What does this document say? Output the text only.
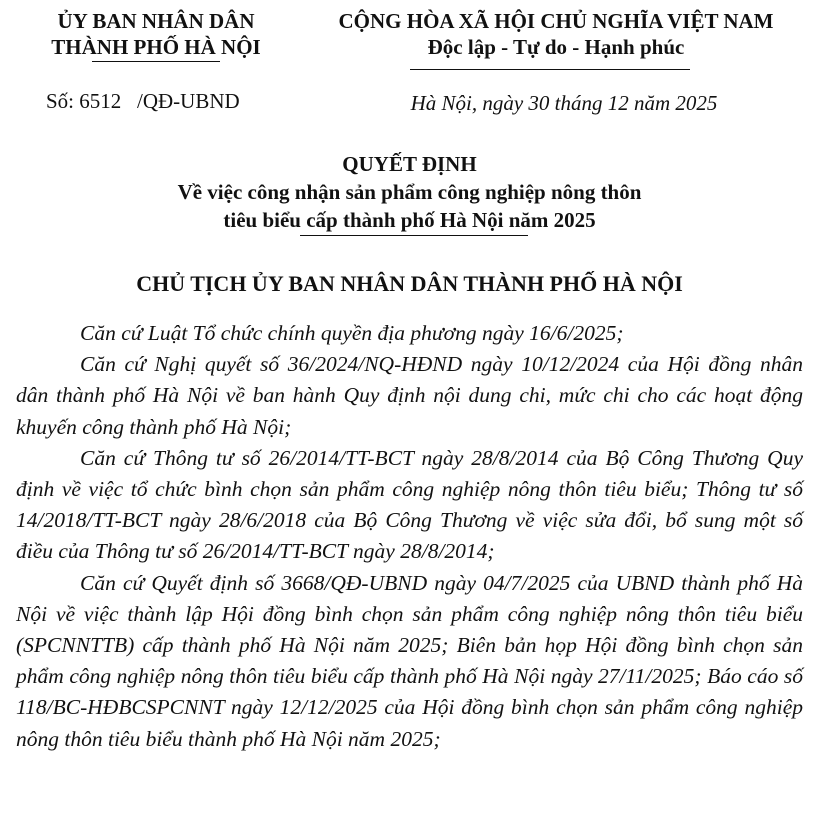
ỦY BAN NHÂN DÂN
THÀNH PHỐ HÀ NỘI
CỘNG HÒA XÃ HỘI CHỦ NGHĨA VIỆT NAM
Độc lập - Tự do - Hạnh phúc
Số: 6512   /QĐ-UBND	Hà Nội, ngày 30 tháng 12 năm 2025
QUYẾT ĐỊNH
Về việc công nhận sản phẩm công nghiệp nông thôn
tiêu biểu cấp thành phố Hà Nội năm 2025
CHỦ TỊCH ỦY BAN NHÂN DÂN THÀNH PHỐ HÀ NỘI

Căn cứ Luật Tổ chức chính quyền địa phương ngày 16/6/2025;

Căn cứ Nghị quyết số 36/2024/NQ-HĐND ngày 10/12/2024 của Hội đồng nhân dân thành phố Hà Nội về ban hành Quy định nội dung chi, mức chi cho các hoạt động khuyến công thành phố Hà Nội;

Căn cứ Thông tư số 26/2014/TT-BCT ngày 28/8/2014 của Bộ Công Thương Quy định về việc tổ chức bình chọn sản phẩm công nghiệp nông thôn tiêu biểu; Thông tư số 14/2018/TT-BCT ngày 28/6/2018 của Bộ Công Thương về việc sửa đổi, bổ sung một số điều của Thông tư số 26/2014/TT-BCT ngày 28/8/2014;

Căn cứ Quyết định số 3668/QĐ-UBND ngày 04/7/2025 của UBND thành phố Hà Nội về việc thành lập Hội đồng bình chọn sản phẩm công nghiệp nông thôn tiêu biểu (SPCNNTTB) cấp thành phố Hà Nội năm 2025; Biên bản họp Hội đồng bình chọn sản phẩm công nghiệp nông thôn tiêu biểu cấp thành phố Hà Nội ngày 27/11/2025; Báo cáo số 118/BC-HĐBCSPCNNT ngày 12/12/2025 của Hội đồng bình chọn sản phẩm công nghiệp nông thôn tiêu biểu thành phố Hà Nội năm 2025;
